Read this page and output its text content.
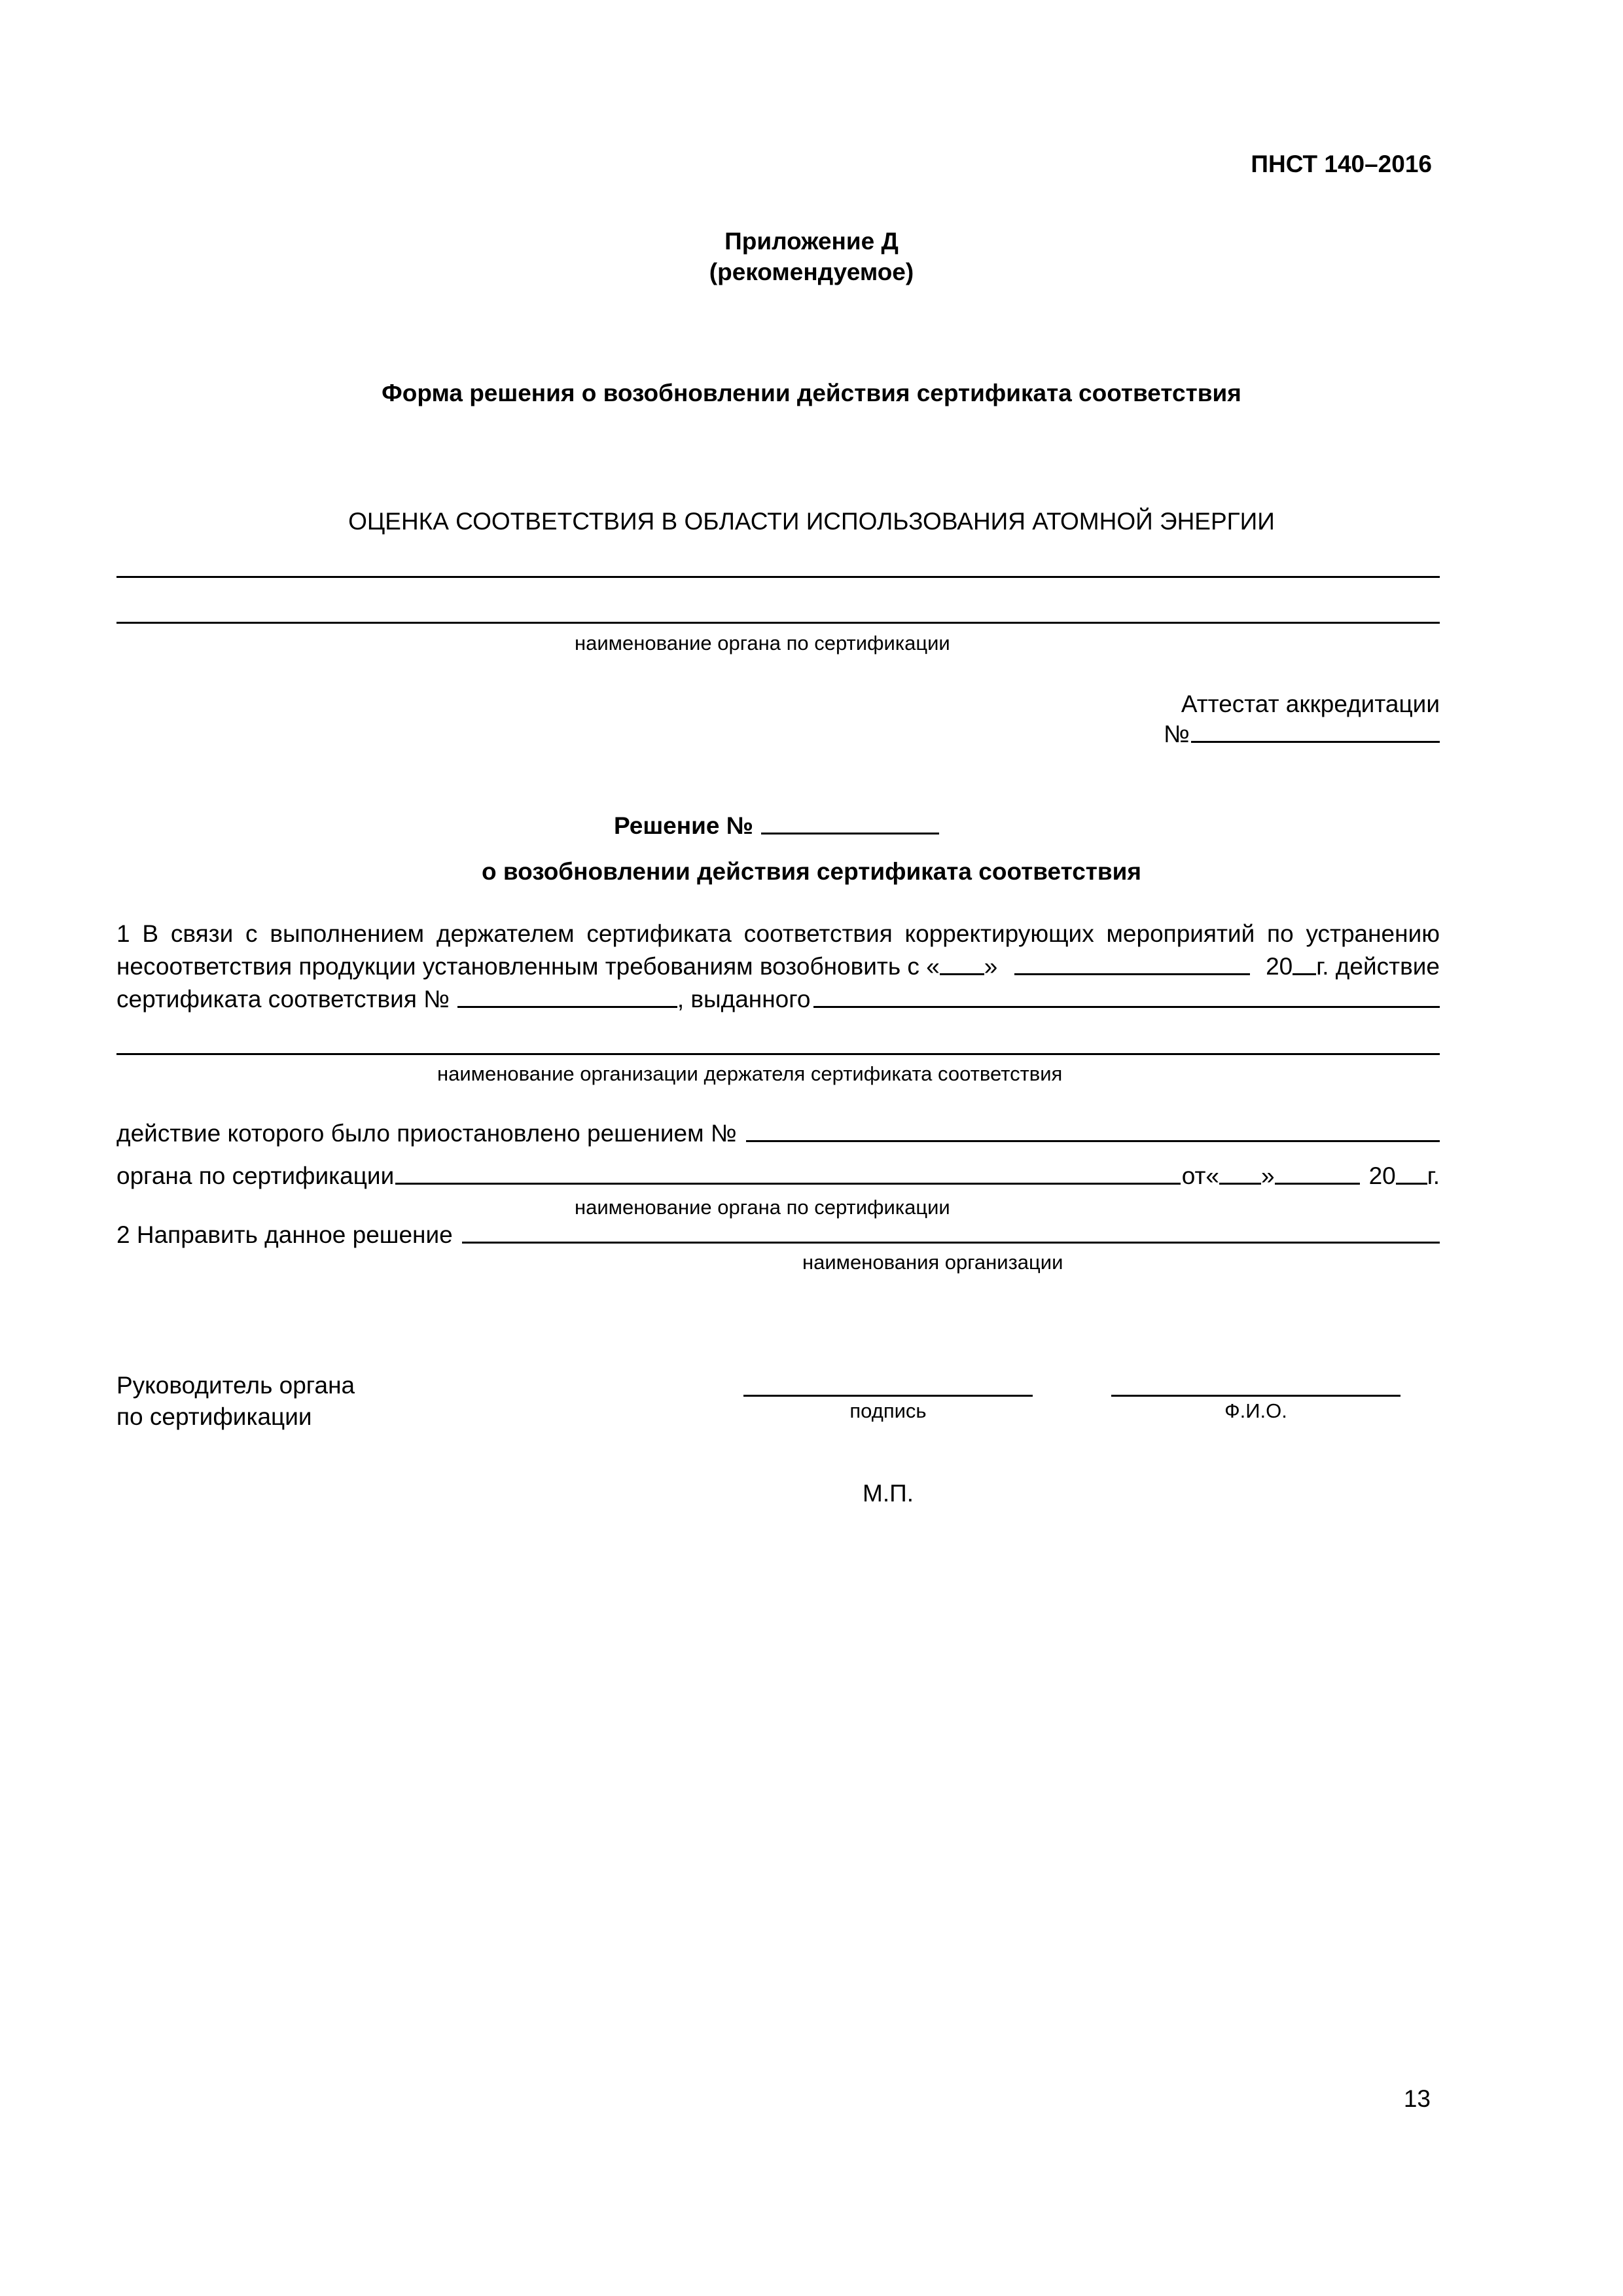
ПНСТ 140–2016
Приложение Д
(рекомендуемое)
Форма решения о возобновлении действия сертификата соответствия
ОЦЕНКА СООТВЕТСТВИЯ В ОБЛАСТИ ИСПОЛЬЗОВАНИЯ АТОМНОЙ ЭНЕРГИИ
наименование органа по сертификации
Аттестат аккредитации
№
Решение №
о возобновлении действия сертификата соответствия
1 В связи с выполнением держателем сертификата соответствия корректирующих мероприятий по устранению
несоответствия продукции установленным требованиям возобновить с « »	20 г. действие
сертификата соответствия №	, выданного
наименование организации держателя сертификата соответствия
действие которого было приостановлено решением №
органа по сертификации	от« »	20 г.
наименование органа по сертификации
2 Направить данное решение
наименования организации
Руководитель органа
по сертификации	подпись	Ф.И.О.
М.П.
13
